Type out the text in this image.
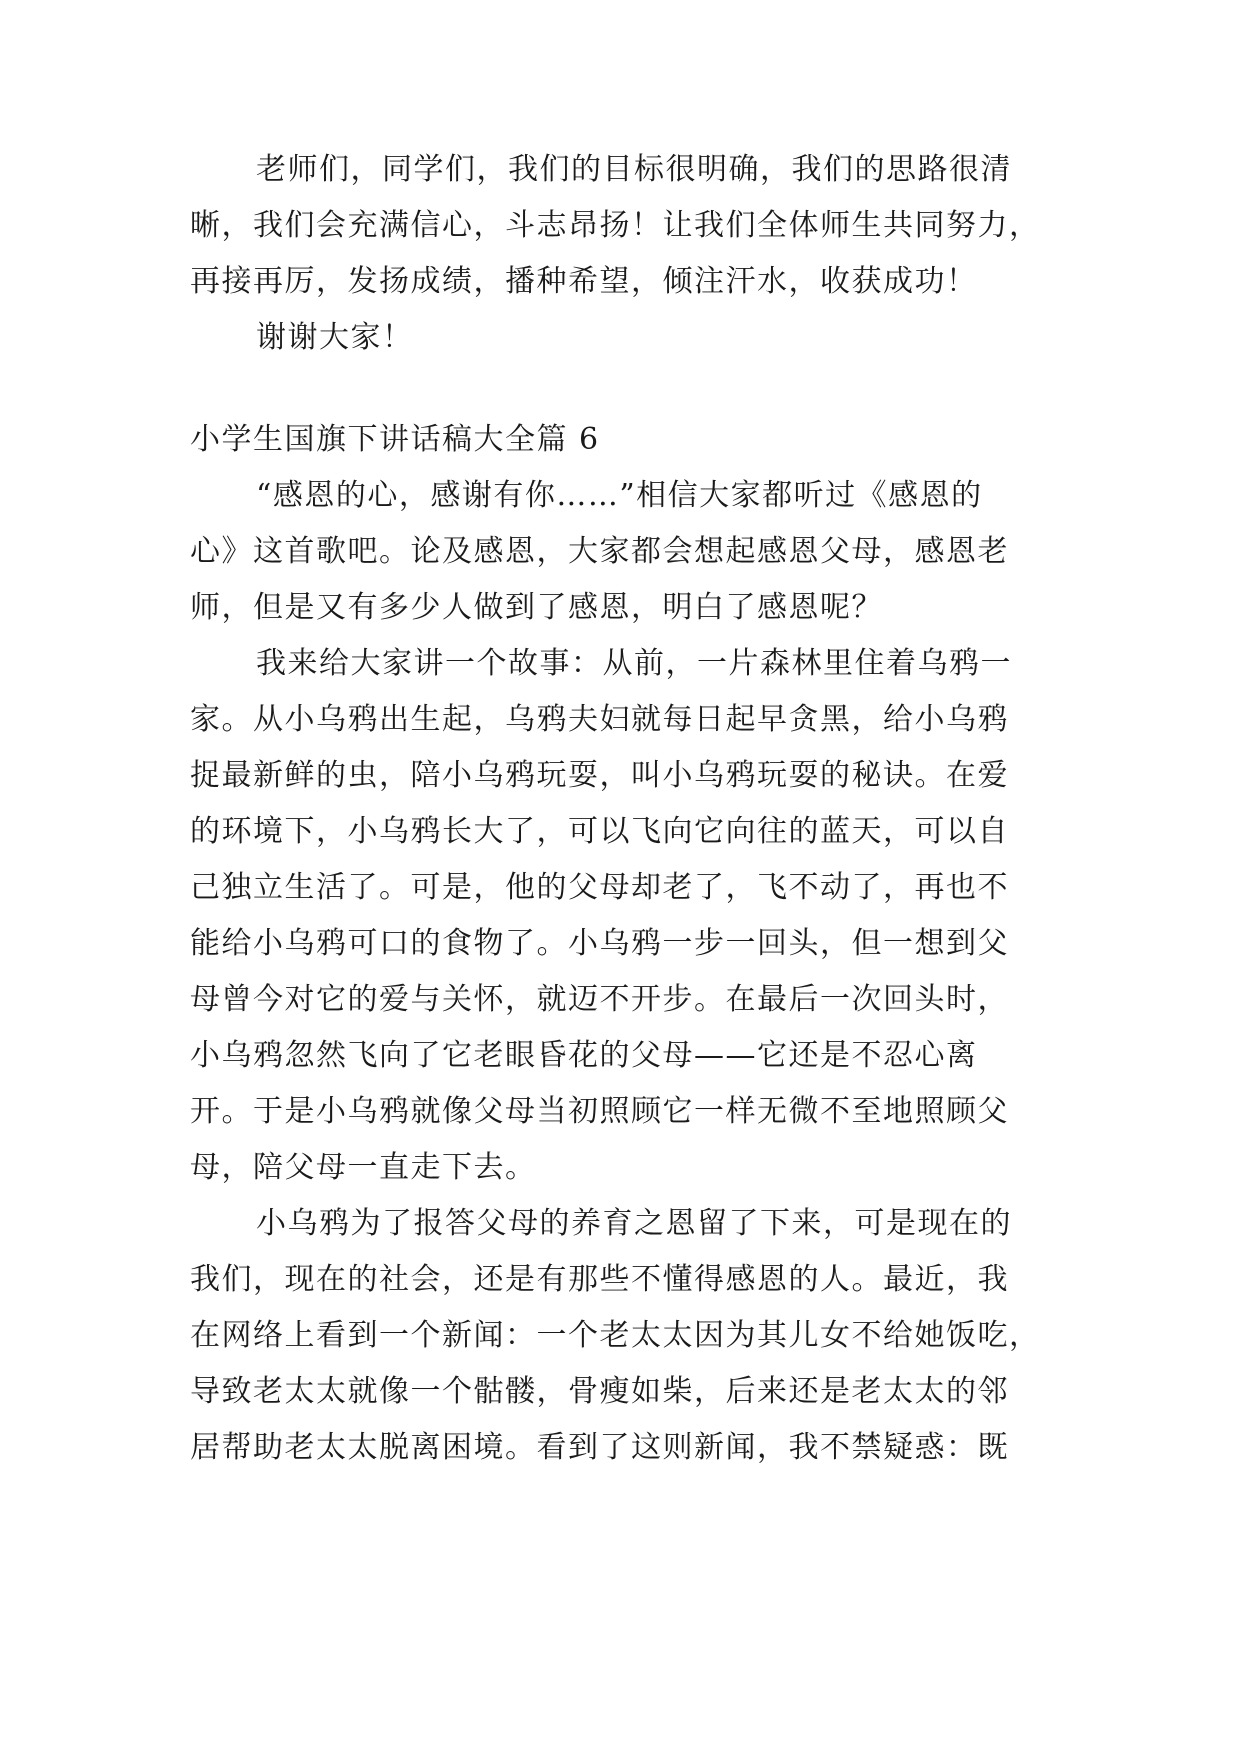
老师们，同学们，我们的目标很明确，我们的思路很清
晰，我们会充满信心，斗志昂扬！让我们全体师生共同努力，
再接再厉，发扬成绩，播种希望，倾注汗水，收获成功！
谢谢大家！
小学生国旗下讲话稿大全篇 6
“感恩的心，感谢有你……”相信大家都听过《感恩的
心》这首歌吧。论及感恩，大家都会想起感恩父母，感恩老
师，但是又有多少人做到了感恩，明白了感恩呢？
我来给大家讲一个故事：从前，一片森林里住着乌鸦一
家。从小乌鸦出生起，乌鸦夫妇就每日起早贪黑，给小乌鸦
捉最新鲜的虫，陪小乌鸦玩耍，叫小乌鸦玩耍的秘诀。在爱
的环境下，小乌鸦长大了，可以飞向它向往的蓝天，可以自
己独立生活了。可是，他的父母却老了，飞不动了，再也不
能给小乌鸦可口的食物了。小乌鸦一步一回头，但一想到父
母曾今对它的爱与关怀，就迈不开步。在最后一次回头时，
小乌鸦忽然飞向了它老眼昏花的父母——它还是不忍心离
开。于是小乌鸦就像父母当初照顾它一样无微不至地照顾父
母，陪父母一直走下去。
小乌鸦为了报答父母的养育之恩留了下来，可是现在的
我们，现在的社会，还是有那些不懂得感恩的人。最近，我
在网络上看到一个新闻：一个老太太因为其儿女不给她饭吃，
导致老太太就像一个骷髅，骨瘦如柴，后来还是老太太的邻
居帮助老太太脱离困境。看到了这则新闻，我不禁疑惑：既
